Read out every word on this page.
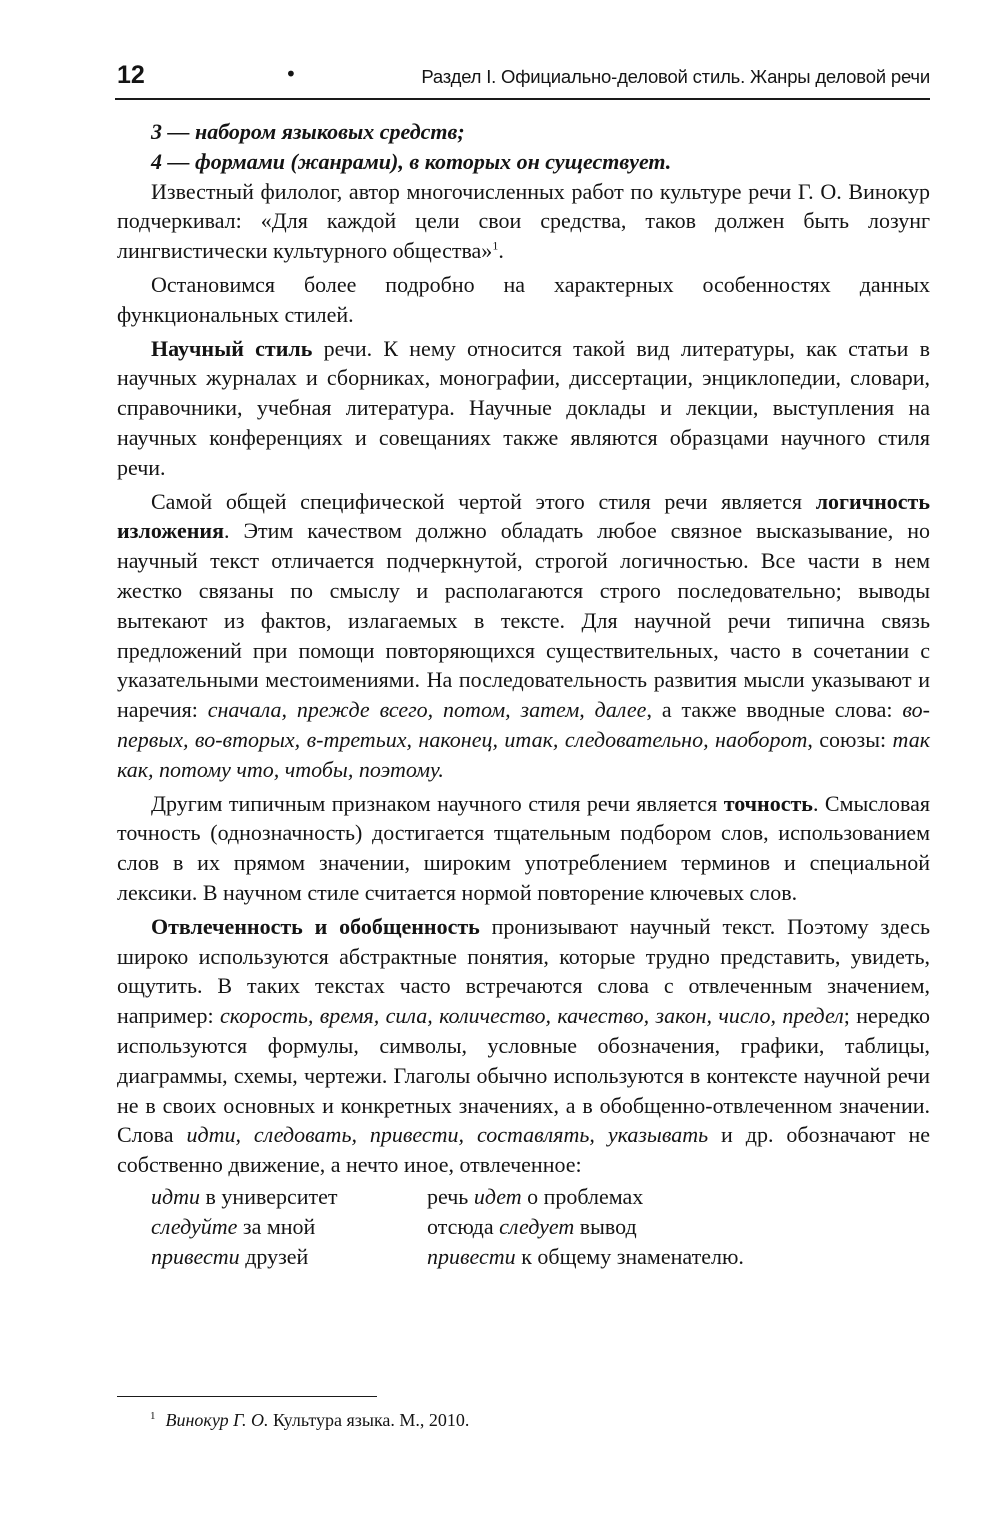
12	•	Раздел I. Официально-деловой стиль. Жанры деловой речи

3 — набором языковых средств;

4 — формами (жанрами), в которых он существует.

Известный филолог, автор многочисленных работ по культуре речи Г. О. Винокур подчеркивал: «Для каждой цели свои средства, таков должен быть лозунг лингвистически культурного общества»$^1$.

Остановимся более подробно на характерных особенностях данных функциональных стилей.

Научный стиль речи. К нему относится такой вид литературы, как статьи в научных журналах и сборниках, монографии, диссертации, энциклопедии, словари, справочники, учебная литература. Научные доклады и лекции, выступления на научных конференциях и совещаниях также являются образцами научного стиля речи.

Самой общей специфической чертой этого стиля речи является логичность изложения. Этим качеством должно обладать любое связное высказывание, но научный текст отличается подчеркнутой, строгой логичностью. Все части в нем жестко связаны по смыслу и располагаются строго последовательно; выводы вытекают из фактов, излагаемых в тексте. Для научной речи типична связь предложений при помощи повторяющихся существительных, часто в сочетании с указательными местоимениями. На последовательность развития мысли указывают и наречия: сначала, прежде всего, потом, затем, далее, а также вводные слова: во-первых, во-вторых, в-третьих, наконец, итак, следовательно, наоборот, союзы: так как, потому что, чтобы, поэтому.

Другим типичным признаком научного стиля речи является точность. Смысловая точность (однозначность) достигается тщательным подбором слов, использованием слов в их прямом значении, широким употреблением терминов и специальной лексики. В научном стиле считается нормой повторение ключевых слов.

Отвлеченность и обобщенность пронизывают научный текст. Поэтому здесь широко используются абстрактные понятия, которые трудно представить, увидеть, ощутить. В таких текстах часто встречаются слова с отвлеченным значением, например: скорость, время, сила, количество, качество, закон, число, предел; нередко используются формулы, символы, условные обозначения, графики, таблицы, диаграммы, схемы, чертежи. Глаголы обычно используются в контексте научной речи не в своих основных и конкретных значениях, а в обобщенно-отвлеченном значении. Слова идти, следовать, привести, составлять, указывать и др. обозначают не собственно движение, а нечто иное, отвлеченное:

идти в университет	речь идет о проблемах
следуйте за мной	отсюда следует вывод
привести друзей	привести к общему знаменателю.
$^1$ Винокур Г. О. Культура языка. М., 2010.
